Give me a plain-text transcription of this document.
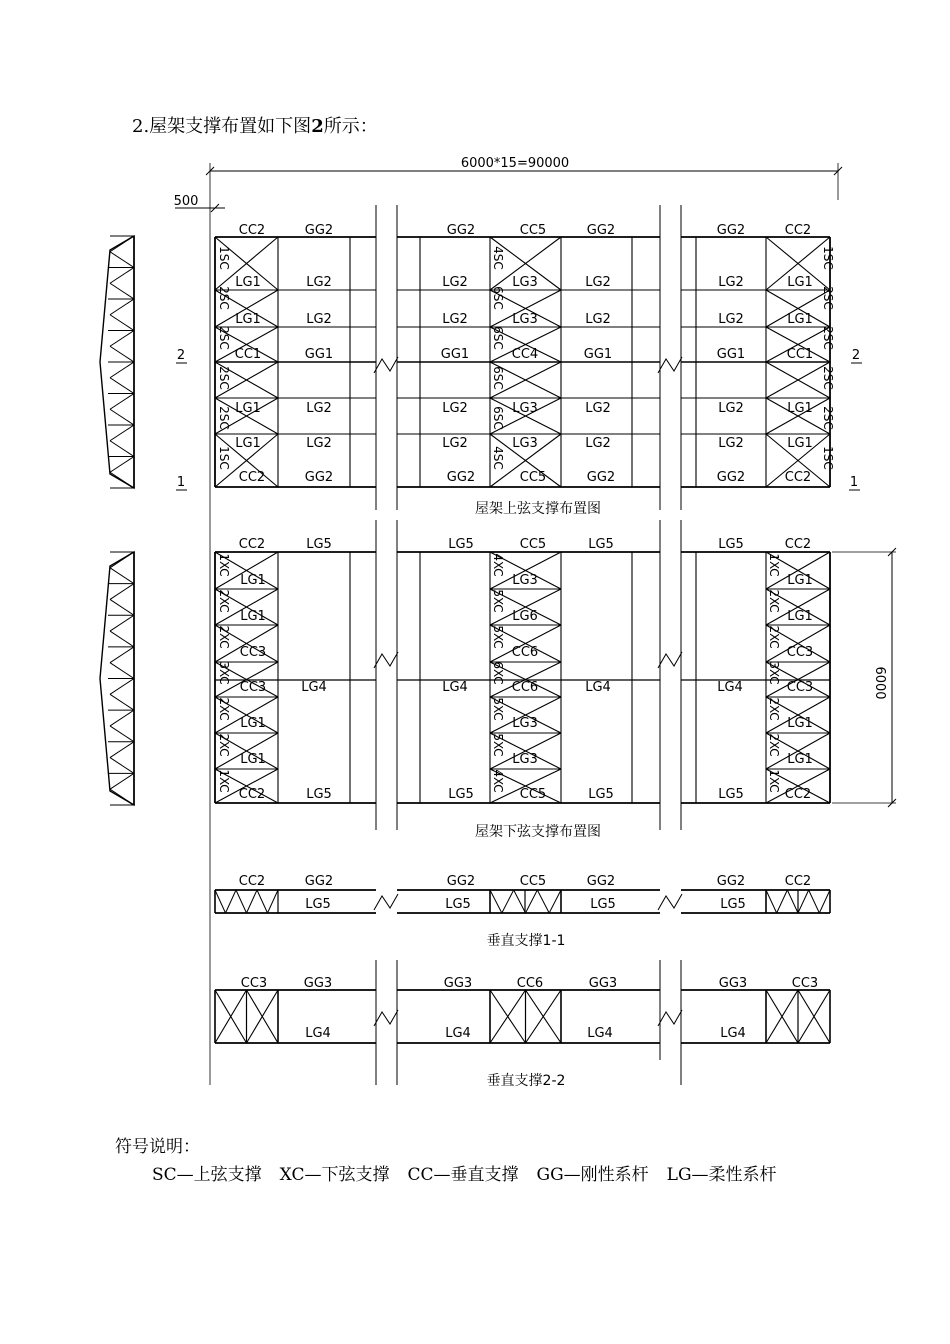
2.屋架支撑布置如下图2所示：
6000*15=90000
500
6000
2
1
2
1
CC2
CC2
GG2
GG2
GG2
GG2
CC5
CC5
GG2
GG2
GG2
GG2
CC2
CC2
LG1	LG2	LG2	LG3	LG2	LG2	LG1
LG1	LG2	LG2	LG3	LG2	LG2	LG1
CC1	GG1	GG1	CC4	GG1	GG1	CC1
LG1	LG2	LG2	LG3	LG2	LG2	LG1
LG1	LG2	LG2	LG3	LG2	LG2	LG1
1SC
2SC
2SC
2SC
2SC
1SC
4SC
6SC
6SC
6SC
6SC
4SC
1SC
2SC
2SC
2SC
2SC
1SC
屋架上弦支撑布置图
CC2
CC2
LG5
LG5
LG5
LG5
CC5
CC5
LG5
LG5
LG5
LG5
CC2
CC2
CC3	LG4	LG4	CC6	LG4	LG4	CC3
LG1	LG3	LG1
LG1	LG6	LG1
CC3	CC6	CC3
LG1	LG3	LG1
LG1	LG3	LG1
1XC
2XC
2XC
3XC
2XC
2XC
1XC
4XC
5XC
5XC
6XC
5XC
5XC
4XC
1XC
2XC
2XC
3XC
2XC
2XC
1XC
屋架下弦支撑布置图
CC2	GG2	GG2	CC5	GG2	GG2	CC2
LG5	LG5	LG5	LG5
垂直支撑1-1
CC3	GG3	GG3	CC6	GG3	GG3	CC3
LG4	LG4	LG4	LG4
垂直支撑2-2
符号说明：
SC—上弦支撑 XC—下弦支撑 CC—垂直支撑 GG—刚性系杆 LG—柔性系杆
